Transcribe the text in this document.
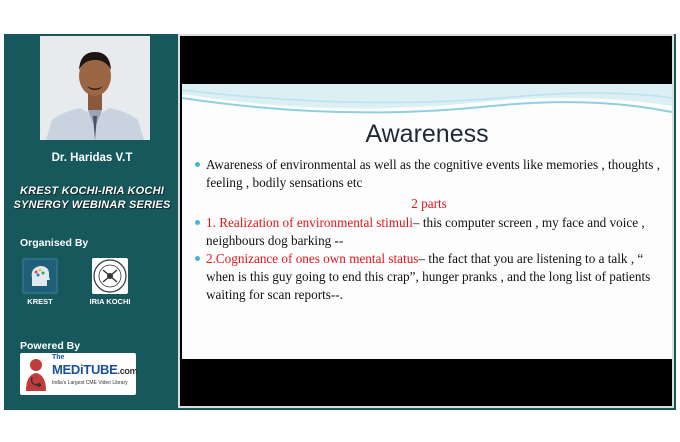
Dr. Haridas V.T
KREST KOCHI-IRIA KOCHI
SYNERGY WEBINAR SERIES
Organised By
KREST	IRIA KOCHI
Powered By
The
MEDiTUBE.com
India's Largest CME Video Library
Awareness
Awareness of environmental as well as the cognitive events like memories , thoughts , feeling , bodily sensations etc
2 parts
1. Realization of environmental stimuli– this computer screen , my face and voice , neighbours dog barking --
2.Cognizance of ones own mental status– the fact that you are listening to a talk , “ when is this guy going to end this crap”, hunger pranks , and the long list of patients waiting for scan reports--.
